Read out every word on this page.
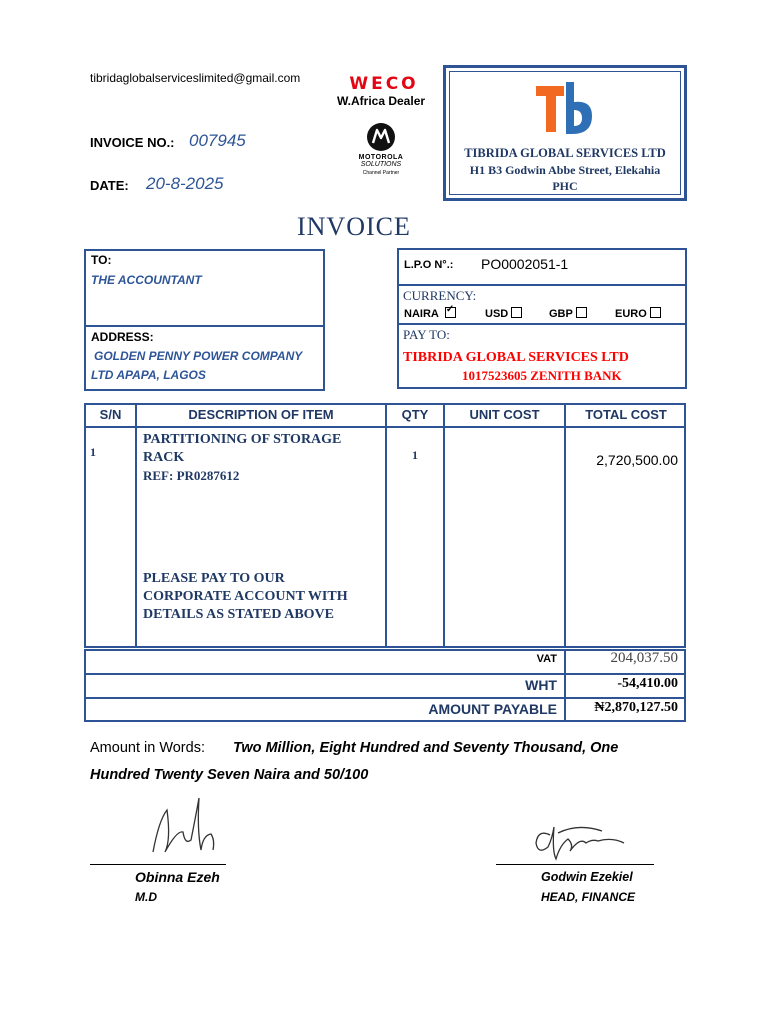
tibridaglobalserviceslimited@gmail.com	WECO
W.Africa Dealer
MOTOROLA
SOLUTIONS
Channel Partner
INVOICE NO.: 007945
DATE: 20-8-2025
TIBRIDA GLOBAL SERVICES LTD
H1 B3 Godwin Abbe Street, Elekahia
PHC
INVOICE
TO:
THE ACCOUNTANT
ADDRESS:
GOLDEN PENNY POWER COMPANY
LTD APAPA, LAGOS
L.P.O N°.: PO0002051-1
CURRENCY:
NAIRA✓	USD	GBP	EURO
PAY TO:
TIBRIDA GLOBAL SERVICES LTD
1017523605 ZENITH BANK
S/N	DESCRIPTION OF ITEM	QTY	UNIT COST	TOTAL COST
1
PARTITIONING OF STORAGE
RACK
REF: PR0287612
1	2,720,500.00
PLEASE PAY TO OUR
CORPORATE ACCOUNT WITH
DETAILS AS STATED ABOVE
VAT	204,037.50
WHT	-54,410.00
AMOUNT PAYABLE	₦2,870,127.50
Amount in Words: Two Million, Eight Hundred and Seventy Thousand, One
Hundred Twenty Seven Naira and 50/100
Obinna Ezeh
M.D
Godwin Ezekiel
HEAD, FINANCE
